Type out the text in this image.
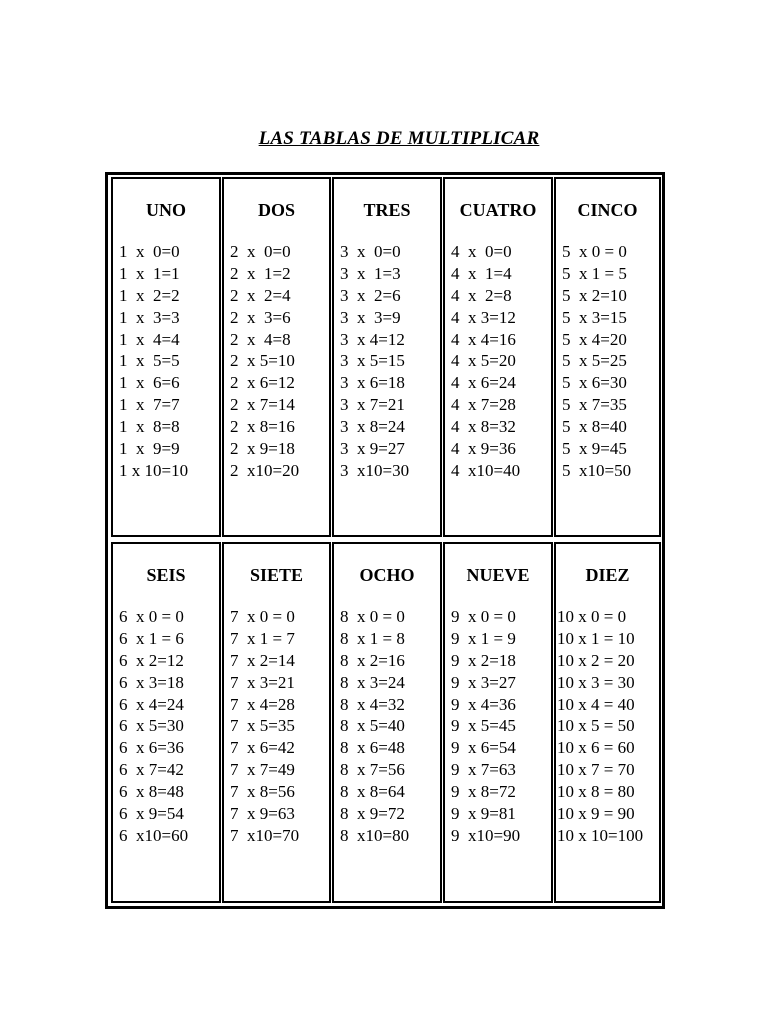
LAS TABLAS DE MULTIPLICAR
UNO
1  x  0=0
1  x  1=1
1  x  2=2
1  x  3=3
1  x  4=4
1  x  5=5
1  x  6=6
1  x  7=7
1  x  8=8
1  x  9=9
1 x 10=10
DOS
2  x  0=0
2  x  1=2
2  x  2=4
2  x  3=6
2  x  4=8
2  x 5=10
2  x 6=12
2  x 7=14
2  x 8=16
2  x 9=18
2  x10=20
TRES
3  x  0=0
3  x  1=3
3  x  2=6
3  x  3=9
3  x 4=12
3  x 5=15
3  x 6=18
3  x 7=21
3  x 8=24
3  x 9=27
3  x10=30
CUATRO
4  x  0=0
4  x  1=4
4  x  2=8
4  x 3=12
4  x 4=16
4  x 5=20
4  x 6=24
4  x 7=28
4  x 8=32
4  x 9=36
4  x10=40
CINCO
5  x 0 = 0
5  x 1 = 5
5  x 2=10
5  x 3=15
5  x 4=20
5  x 5=25
5  x 6=30
5  x 7=35
5  x 8=40
5  x 9=45
5  x10=50
SEIS
6  x 0 = 0
6  x 1 = 6
6  x 2=12
6  x 3=18
6  x 4=24
6  x 5=30
6  x 6=36
6  x 7=42
6  x 8=48
6  x 9=54
6  x10=60
SIETE
7  x 0 = 0
7  x 1 = 7
7  x 2=14
7  x 3=21
7  x 4=28
7  x 5=35
7  x 6=42
7  x 7=49
7  x 8=56
7  x 9=63
7  x10=70
OCHO
8  x 0 = 0
8  x 1 = 8
8  x 2=16
8  x 3=24
8  x 4=32
8  x 5=40
8  x 6=48
8  x 7=56
8  x 8=64
8  x 9=72
8  x10=80
NUEVE
9  x 0 = 0
9  x 1 = 9
9  x 2=18
9  x 3=27
9  x 4=36
9  x 5=45
9  x 6=54
9  x 7=63
9  x 8=72
9  x 9=81
9  x10=90
DIEZ
10 x 0 = 0
10 x 1 = 10
10 x 2 = 20
10 x 3 = 30
10 x 4 = 40
10 x 5 = 50
10 x 6 = 60
10 x 7 = 70
10 x 8 = 80
10 x 9 = 90
10 x 10=100
